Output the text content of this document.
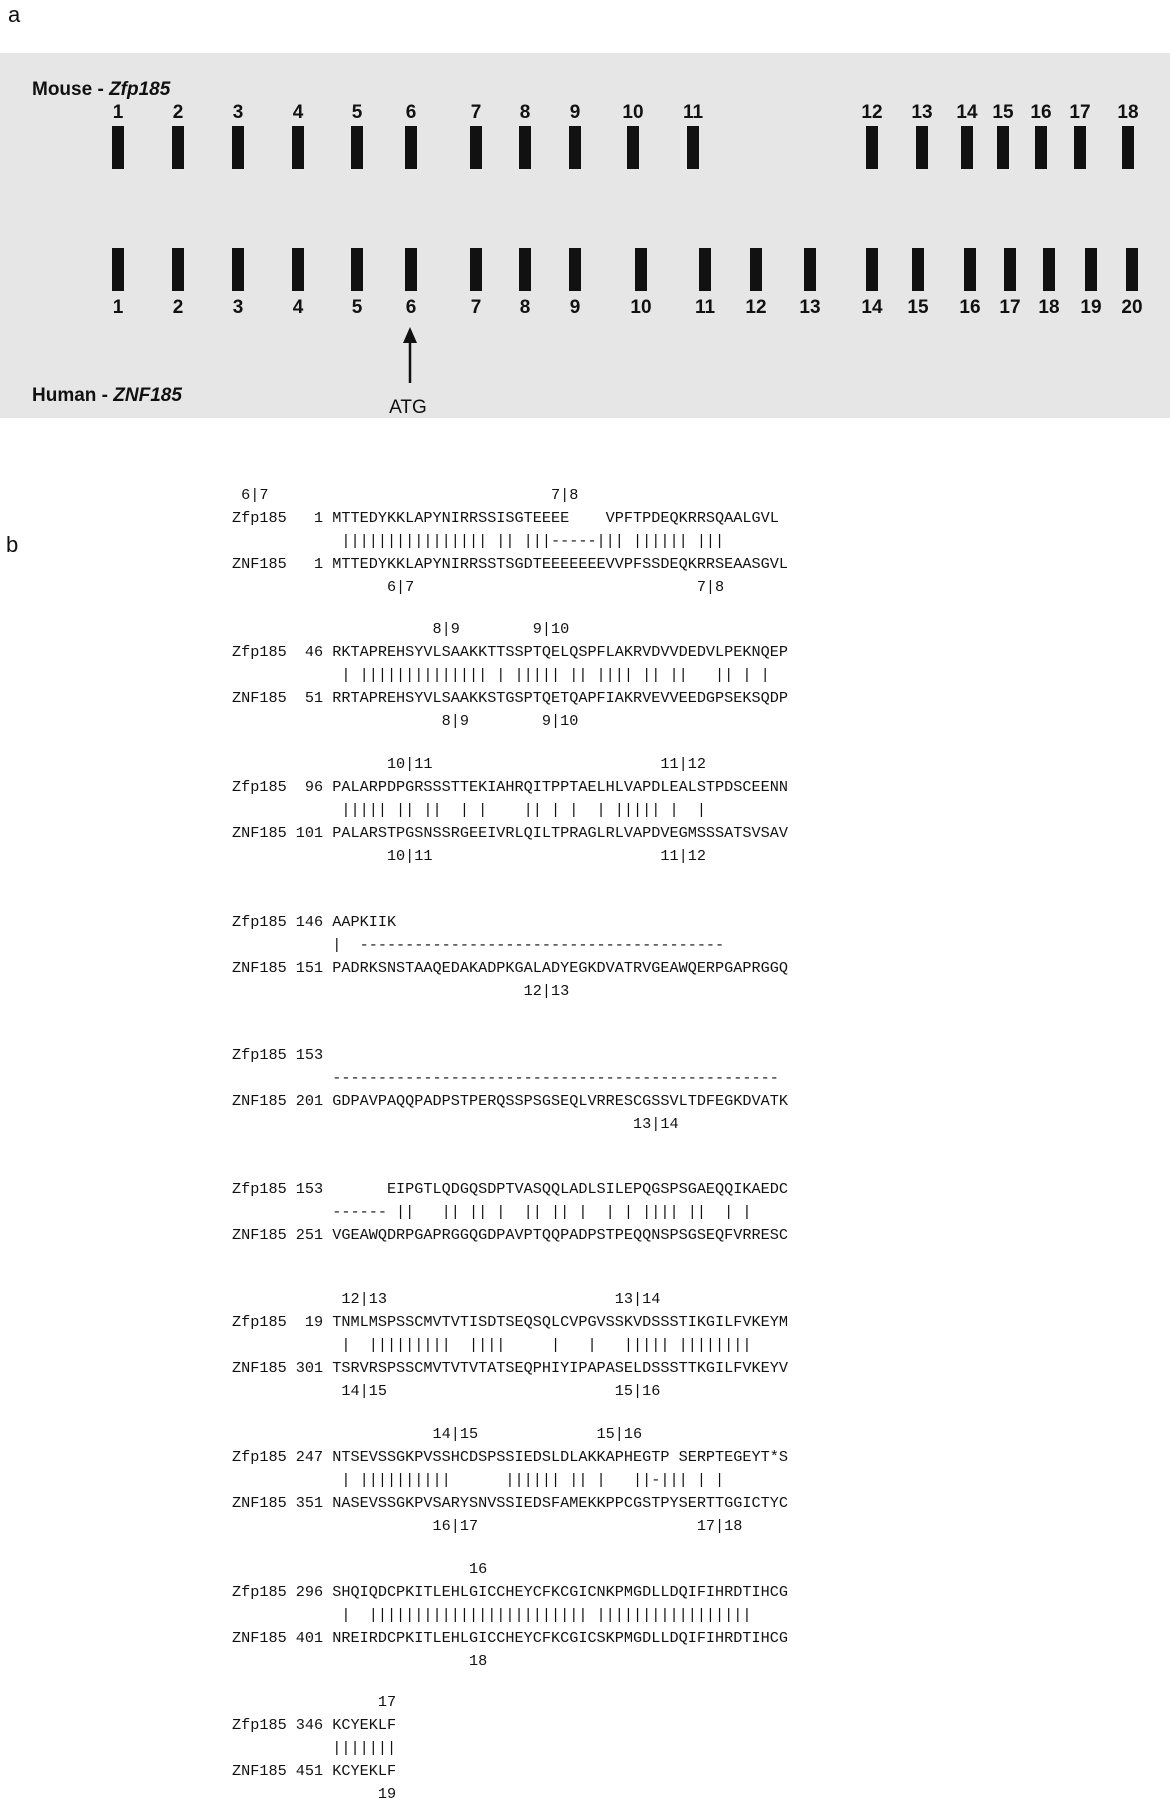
a
b
Mouse - Zfp185
Human - ZNF185
1	2	3	4	5 6	7 8 9 10 11	12 13 14 15 16 17 18
1	2	3	4	5 6	7 8 9	10 11 12 13 14 15 16 17 18 19 20
ATG
6|7                               7|8
Zfp185   1 MTTEDYKKLAPYNIRRSSISGTEEEE    VPFTPDEQKRRSQAALGVL
|||||||||||||||| || |||-----||| |||||| |||
ZNF185   1 MTTEDYKKLAPYNIRRSSTSGDTEEEEEEEVVPFSSDEQKRRSEAASGVL
6|7                               7|8
8|9        9|10
Zfp185  46 RKTAPREHSYVLSAAKKTTSSPTQELQSPFLAKRVDVVDEDVLPEKNQEP
| |||||||||||||| | ||||| || |||| || ||   || | |
ZNF185  51 RRTAPREHSYVLSAAKKSTGSPTQETQAPFIAKRVEVVEEDGPSEKSQDP
8|9        9|10
10|11                         11|12
Zfp185  96 PALARPDPGRSSSTTEKIAHRQITPPTAELHLVAPDLEALSTPDSCEENN
||||| || ||  | |    || | |  | ||||| |  |
ZNF185 101 PALARSTPGSNSSRGEEIVRLQILTPRAGLRLVAPDVEGMSSSATSVSAV
10|11                         11|12
Zfp185 146 AAPKIIK
|  ----------------------------------------
ZNF185 151 PADRKSNSTAAQEDAKADPKGALADYEGKDVATRVGEAWQERPGAPRGGQ
12|13
Zfp185 153
-------------------------------------------------
ZNF185 201 GDPAVPAQQPADPSTPERQSSPSGSEQLVRRESCGSSVLTDFEGKDVATK
13|14
Zfp185 153       EIPGTLQDGQSDPTVASQQLADLSILEPQGSPSGAEQQIKAEDC
------ ||   || || |  || || |  | | |||| ||  | |
ZNF185 251 VGEAWQDRPGAPRGGQGDPAVPTQQPADPSTPEQQNSPSGSEQFVRRESC
12|13                         13|14
Zfp185  19 TNMLMSPSSCMVTVTISDTSEQSQLCVPGVSSKVDSSSTIKGILFVKEYM
|  |||||||||  ||||     |   |   ||||| ||||||||
ZNF185 301 TSRVRSPSSCMVTVTVTATSEQPHIYIPAPASELDSSSTTKGILFVKEYV
14|15                         15|16
14|15             15|16
Zfp185 247 NTSEVSSGKPVSSHCDSPSSIEDSLDLAKKAPHEGTP SERPTEGEYT*S
| ||||||||||      |||||| || |   ||-||| | |
ZNF185 351 NASEVSSGKPVSARYSNVSSIEDSFAMEKKPPCGSTPYSERTTGGICTYC
16|17                        17|18
16
Zfp185 296 SHQIQDCPKITLEHLGICCHEYCFKCGICNKPMGDLLDQIFIHRDTIHCG
|  |||||||||||||||||||||||| |||||||||||||||||
ZNF185 401 NREIRDCPKITLEHLGICCHEYCFKCGICSKPMGDLLDQIFIHRDTIHCG
18
17
Zfp185 346 KCYEKLF
|||||||
ZNF185 451 KCYEKLF
19
